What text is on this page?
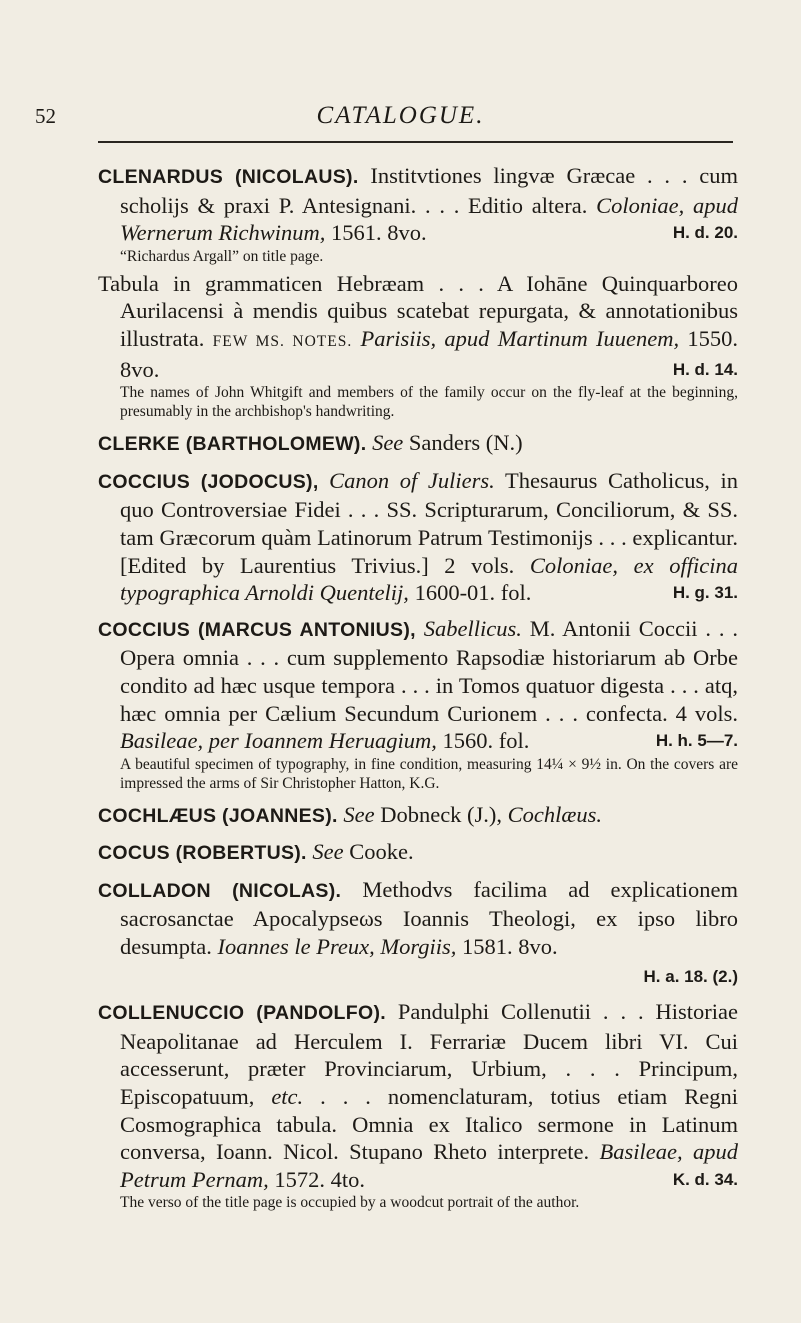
52	CATALOGUE.

CLENARDUS (NICOLAUS). Institvtiones lingvæ Græcae . . . cum scholijs & praxi P. Antesignani. . . . Editio altera. Coloniae, apud Wernerum Richwinum, 1561. 8vo.	H. d. 20.

“Richardus Argall” on title page.

Tabula in grammaticen Hebræam . . . A Iohāne Quinquarboreo Aurilacensi à mendis quibus scatebat repurgata, & annotationibus illustrata. FEW MS. NOTES. Parisiis, apud Martinum Iuuenem, 1550. 8vo.	H. d. 14.

The names of John Whitgift and members of the family occur on the fly-leaf at the beginning, presumably in the archbishop's handwriting.

CLERKE (BARTHOLOMEW). See Sanders (N.)

COCCIUS (JODOCUS), Canon of Juliers. Thesaurus Catholicus, in quo Controversiae Fidei . . . SS. Scripturarum, Conciliorum, & SS. tam Græcorum quàm Latinorum Patrum Testimonijs . . . explicantur. [Edited by Laurentius Trivius.] 2 vols. Coloniae, ex officina typographica Arnoldi Quentelij, 1600-01. fol.	H. g. 31.

COCCIUS (MARCUS ANTONIUS), Sabellicus. M. Antonii Coccii . . . Opera omnia . . . cum supplemento Rapsodiæ historiarum ab Orbe condito ad hæc usque tempora . . . in Tomos quatuor digesta . . . atq, hæc omnia per Cælium Secundum Curionem . . . confecta. 4 vols. Basileae, per Ioannem Heruagium, 1560. fol.	H. h. 5—7.

A beautiful specimen of typography, in fine condition, measuring 14¼ × 9½ in. On the covers are impressed the arms of Sir Christopher Hatton, K.G.

COCHLÆUS (JOANNES). See Dobneck (J.), Cochlæus.

COCUS (ROBERTUS). See Cooke.

COLLADON (NICOLAS). Methodvs facilima ad explicationem sacrosanctae Apocalypseωs Ioannis Theologi, ex ipso libro desumpta. Ioannes le Preux, Morgiis, 1581. 8vo.

H. a. 18. (2.)

COLLENUCCIO (PANDOLFO). Pandulphi Collenutii . . . Historiae Neapolitanae ad Herculem I. Ferrariæ Ducem libri VI. Cui accesserunt, præter Provinciarum, Urbium, . . . Principum, Episcopatuum, etc. . . . nomenclaturam, totius etiam Regni Cosmographica tabula. Omnia ex Italico sermone in Latinum conversa, Ioann. Nicol. Stupano Rheto interprete. Basileae, apud Petrum Pernam, 1572. 4to.	K. d. 34.

The verso of the title page is occupied by a woodcut portrait of the author.
